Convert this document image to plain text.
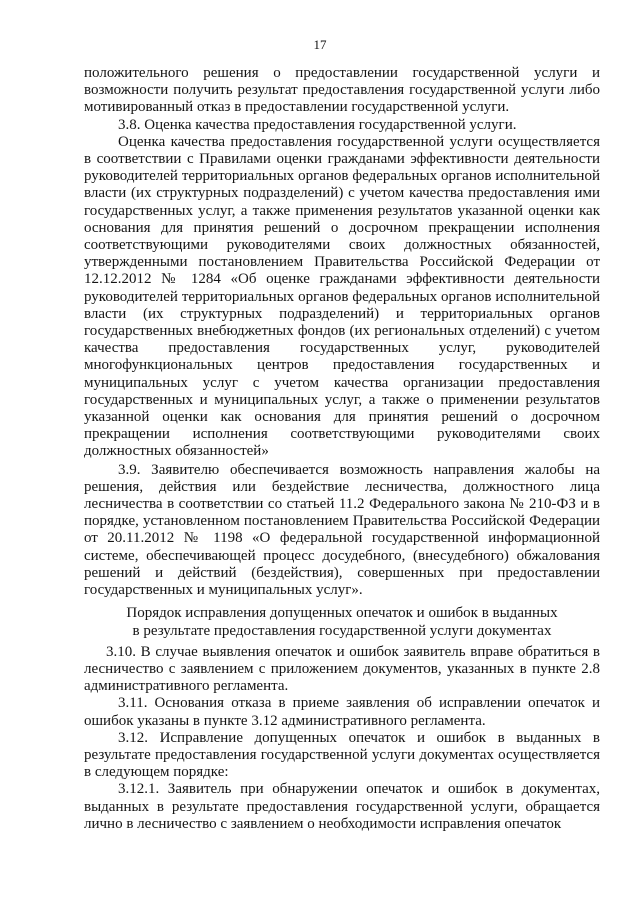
17

положительного решения о предоставлении государственной услуги и возможности получить результат предоставления государственной услуги либо мотивированный отказ в предоставлении государственной услуги.

3.8. Оценка качества предоставления государственной услуги.

Оценка качества предоставления государственной услуги осуществляется в соответствии с Правилами оценки гражданами эффективности деятельности руководителей территориальных органов федеральных органов исполнительной власти (их структурных подразделений) с учетом качества предоставления ими государственных услуг, а также применения результатов указанной оценки как основания для принятия решений о досрочном прекращении исполнения соответствующими руководителями своих должностных обязанностей, утвержденными постановлением Правительства Российской Федерации от 12.12.2012 № 1284 «Об оценке гражданами эффективности деятельности руководителей территориальных органов федеральных органов исполнительной власти (их структурных подразделений) и территориальных органов государственных внебюджетных фондов (их региональных отделений) с учетом качества предоставления государственных услуг, руководителей многофункциональных центров предоставления государственных и муниципальных услуг с учетом качества организации предоставления государственных и муниципальных услуг, а также о применении результатов указанной оценки как основания для принятия решений о досрочном прекращении исполнения соответствующими руководителями своих должностных обязанностей»

3.9. Заявителю обеспечивается возможность направления жалобы на решения, действия или бездействие лесничества, должностного лица лесничества в соответствии со статьей 11.2 Федерального закона № 210-ФЗ и в порядке, установленном постановлением Правительства Российской Федерации от 20.11.2012 № 1198 «О федеральной государственной информационной системе, обеспечивающей процесс досудебного, (внесудебного) обжалования решений и действий (бездействия), совершенных при предоставлении государственных и муниципальных услуг».

Порядок исправления допущенных опечаток и ошибок в выданных
в результате предоставления государственной услуги документах

3.10. В случае выявления опечаток и ошибок заявитель вправе обратиться в лесничество с заявлением с приложением документов, указанных в пункте 2.8 административного регламента.

3.11. Основания отказа в приеме заявления об исправлении опечаток и ошибок указаны в пункте 3.12 административного регламента.

3.12. Исправление допущенных опечаток и ошибок в выданных в результате предоставления государственной услуги документах осуществляется в следующем порядке:

3.12.1. Заявитель при обнаружении опечаток и ошибок в документах, выданных в результате предоставления государственной услуги, обращается лично в лесничество с заявлением о необходимости исправления опечаток
